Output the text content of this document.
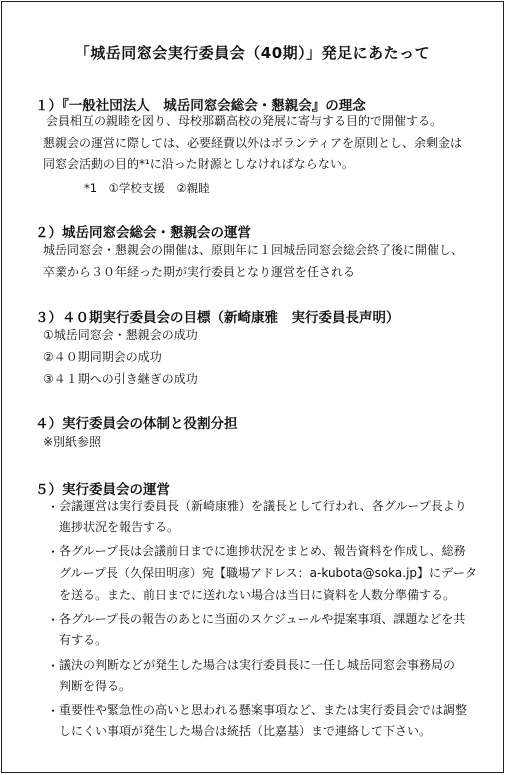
「城岳同窓会実行委員会（40期）」発足にあたって
１）『一般社団法人　城岳同窓会総会・懇親会』の理念
会員相互の親睦を図り、母校那覇高校の発展に寄与する目的で開催する。
懇親会の運営に際しては、必要経費以外はボランティアを原則とし、余剰金は
同窓会活動の目的*¹に沿った財源としなければならない。
*1　①学校支援　②親睦
２）城岳同窓会総会・懇親会の運営
城岳同窓会・懇親会の開催は、原則年に１回城岳同窓会総会終了後に開催し、
卒業から３０年経った期が実行委員となり運営を任される
３）４０期実行委員会の目標（新崎康雅　実行委員長声明）
①城岳同窓会・懇親会の成功
②４０期同期会の成功
③４１期への引き継ぎの成功
４）実行委員会の体制と役割分担
※別紙参照
５）実行委員会の運営
・ 会議運営は実行委員長（新崎康雅）を議長として行われ、各グループ長より
進捗状況を報告する。
・ 各グループ長は会議前日までに進捗状況をまとめ、報告資料を作成し、総務
グループ長（久保田明彦）宛【職場アドレス：a-kubota@soka.jp】にデータ
を送る。また、前日までに送れない場合は当日に資料を人数分準備する。
・ 各グループ長の報告のあとに当面のスケジュールや提案事項、課題などを共
有する。
・ 議決の判断などが発生した場合は実行委員長に一任し城岳同窓会事務局の
判断を得る。
・ 重要性や緊急性の高いと思われる懸案事項など、または実行委員会では調整
しにくい事項が発生した場合は統括（比嘉基）まで連絡して下さい。
